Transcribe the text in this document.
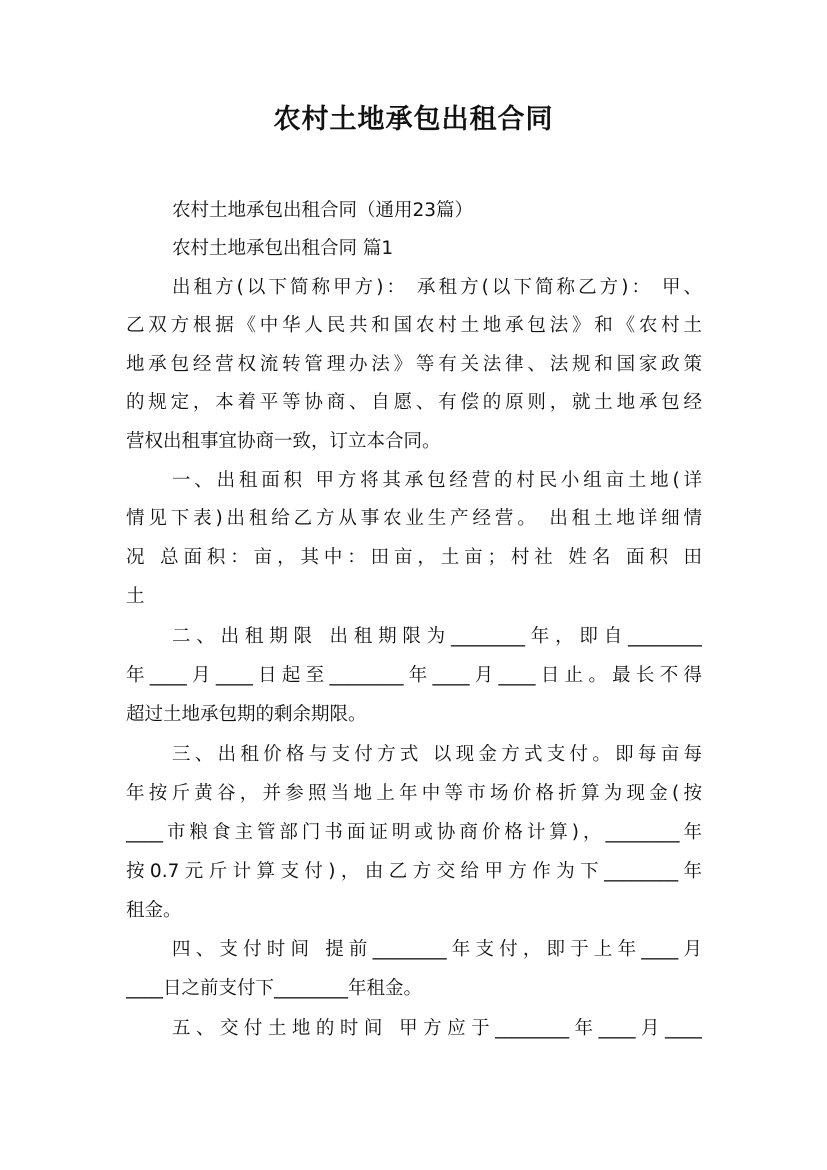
农村土地承包出租合同
农村土地承包出租合同（通用23篇）
农村土地承包出租合同 篇1
出租方(以下简称甲方)： 承租方(以下简称乙方)： 甲、
乙双方根据《中华人民共和国农村土地承包法》和《农村土
地承包经营权流转管理办法》等有关法律、法规和国家政策
的规定，本着平等协商、自愿、有偿的原则，就土地承包经
营权出租事宜协商一致，订立本合同。
一、出租面积 甲方将其承包经营的村民小组亩土地(详
情见下表)出租给乙方从事农业生产经营。 出租土地详细情
况 总面积：亩，其中：田亩，土亩；村社 姓名 面积 田
土
二、出租期限 出租期限为________年，即自________
年____月____日起至________年____月____日止。最长不得
超过土地承包期的剩余期限。
三、出租价格与支付方式 以现金方式支付。即每亩每
年按斤黄谷，并参照当地上年中等市场价格折算为现金(按
____市粮食主管部门书面证明或协商价格计算)，________年
按0.7元斤计算支付)，由乙方交给甲方作为下________年
租金。
四、支付时间 提前________年支付，即于上年____月
____日之前支付下________年租金。
五、交付土地的时间 甲方应于________年____月____
